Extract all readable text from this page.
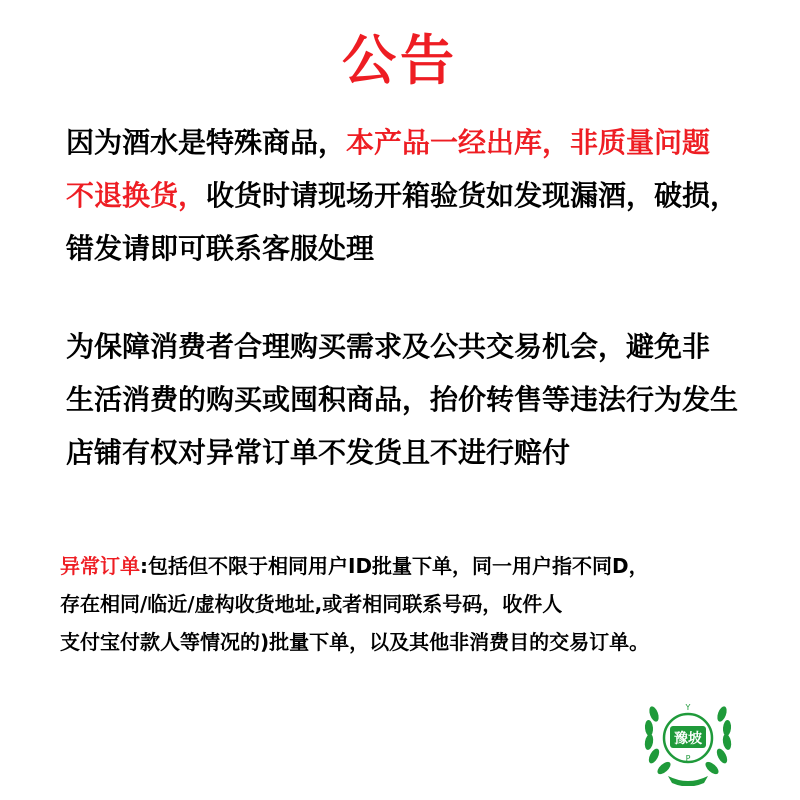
公告
因为酒水是特殊商品，本产品一经出库，非质量问题
不退换货，收货时请现场开箱验货如发现漏酒，破损，
错发请即可联系客服处理
为保障消费者合理购买需求及公共交易机会，避免非
生活消费的购买或囤积商品，抬价转售等违法行为发生
店铺有权对异常订单不发货且不进行赔付
异常订单:包括但不限于相同用户ID批量下单，同一用户指不同D，
存在相同/临近/虚构收货地址,或者相同联系号码，收件人
支付宝付款人等情况的)批量下单，以及其他非消费目的交易订单。
豫坡
Y
P
